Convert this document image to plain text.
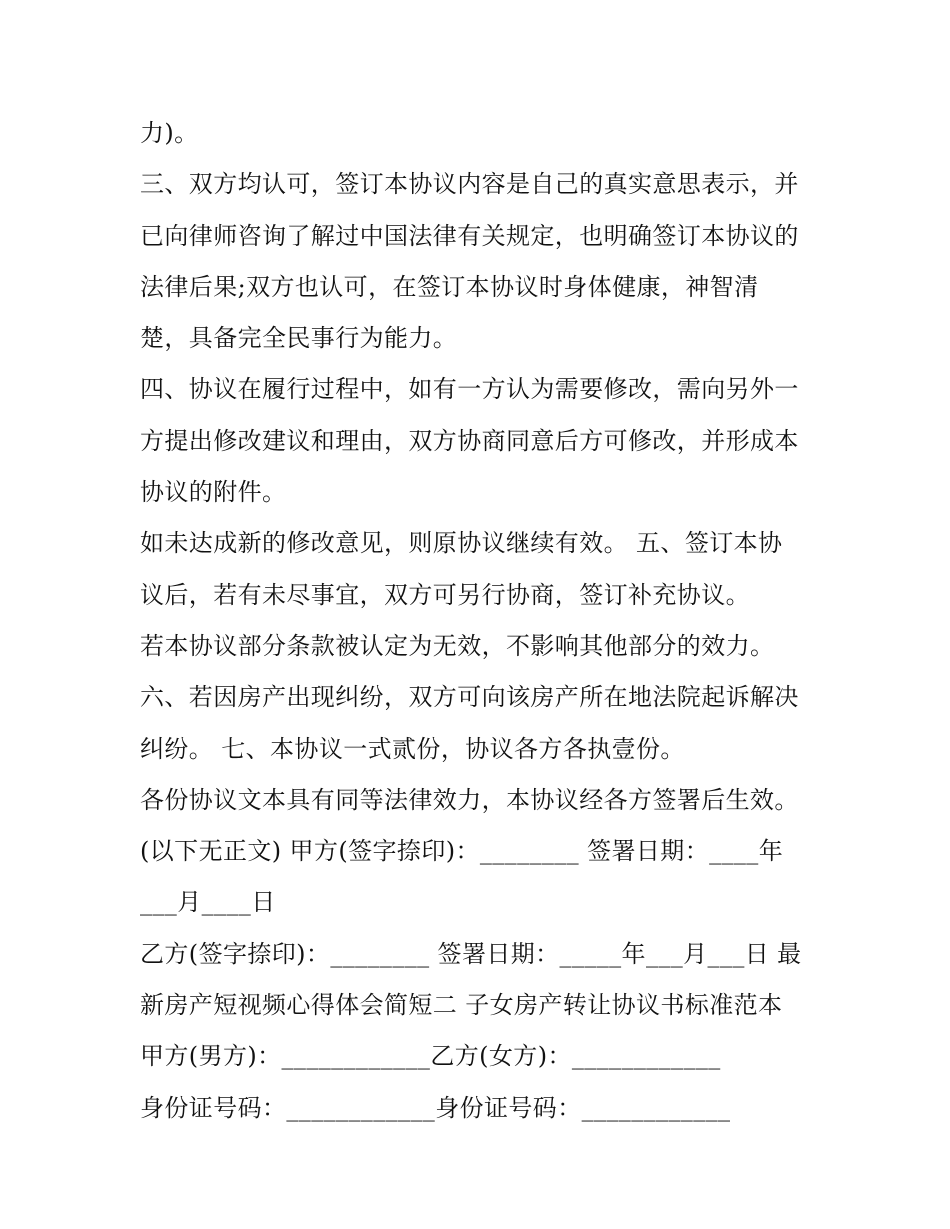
力)。
三、双方均认可，签订本协议内容是自己的真实意思表示，并
已向律师咨询了解过中国法律有关规定，也明确签订本协议的
法律后果;双方也认可，在签订本协议时身体健康，神智清
楚，具备完全民事行为能力。
四、协议在履行过程中，如有一方认为需要修改，需向另外一
方提出修改建议和理由，双方协商同意后方可修改，并形成本
协议的附件。
如未达成新的修改意见，则原协议继续有效。 五、签订本协
议后，若有未尽事宜，双方可另行协商，签订补充协议。
若本协议部分条款被认定为无效，不影响其他部分的效力。
六、若因房产出现纠纷，双方可向该房产所在地法院起诉解决
纠纷。 七、本协议一式贰份，协议各方各执壹份。
各份协议文本具有同等法律效力，本协议经各方签署后生效。
(以下无正文) 甲方(签字捺印)：________ 签署日期：____年
___月____日
乙方(签字捺印)：________ 签署日期：_____年___月___日 最
新房产短视频心得体会简短二 子女房产转让协议书标准范本
甲方(男方)：____________乙方(女方)：____________
身份证号码：____________身份证号码：____________
